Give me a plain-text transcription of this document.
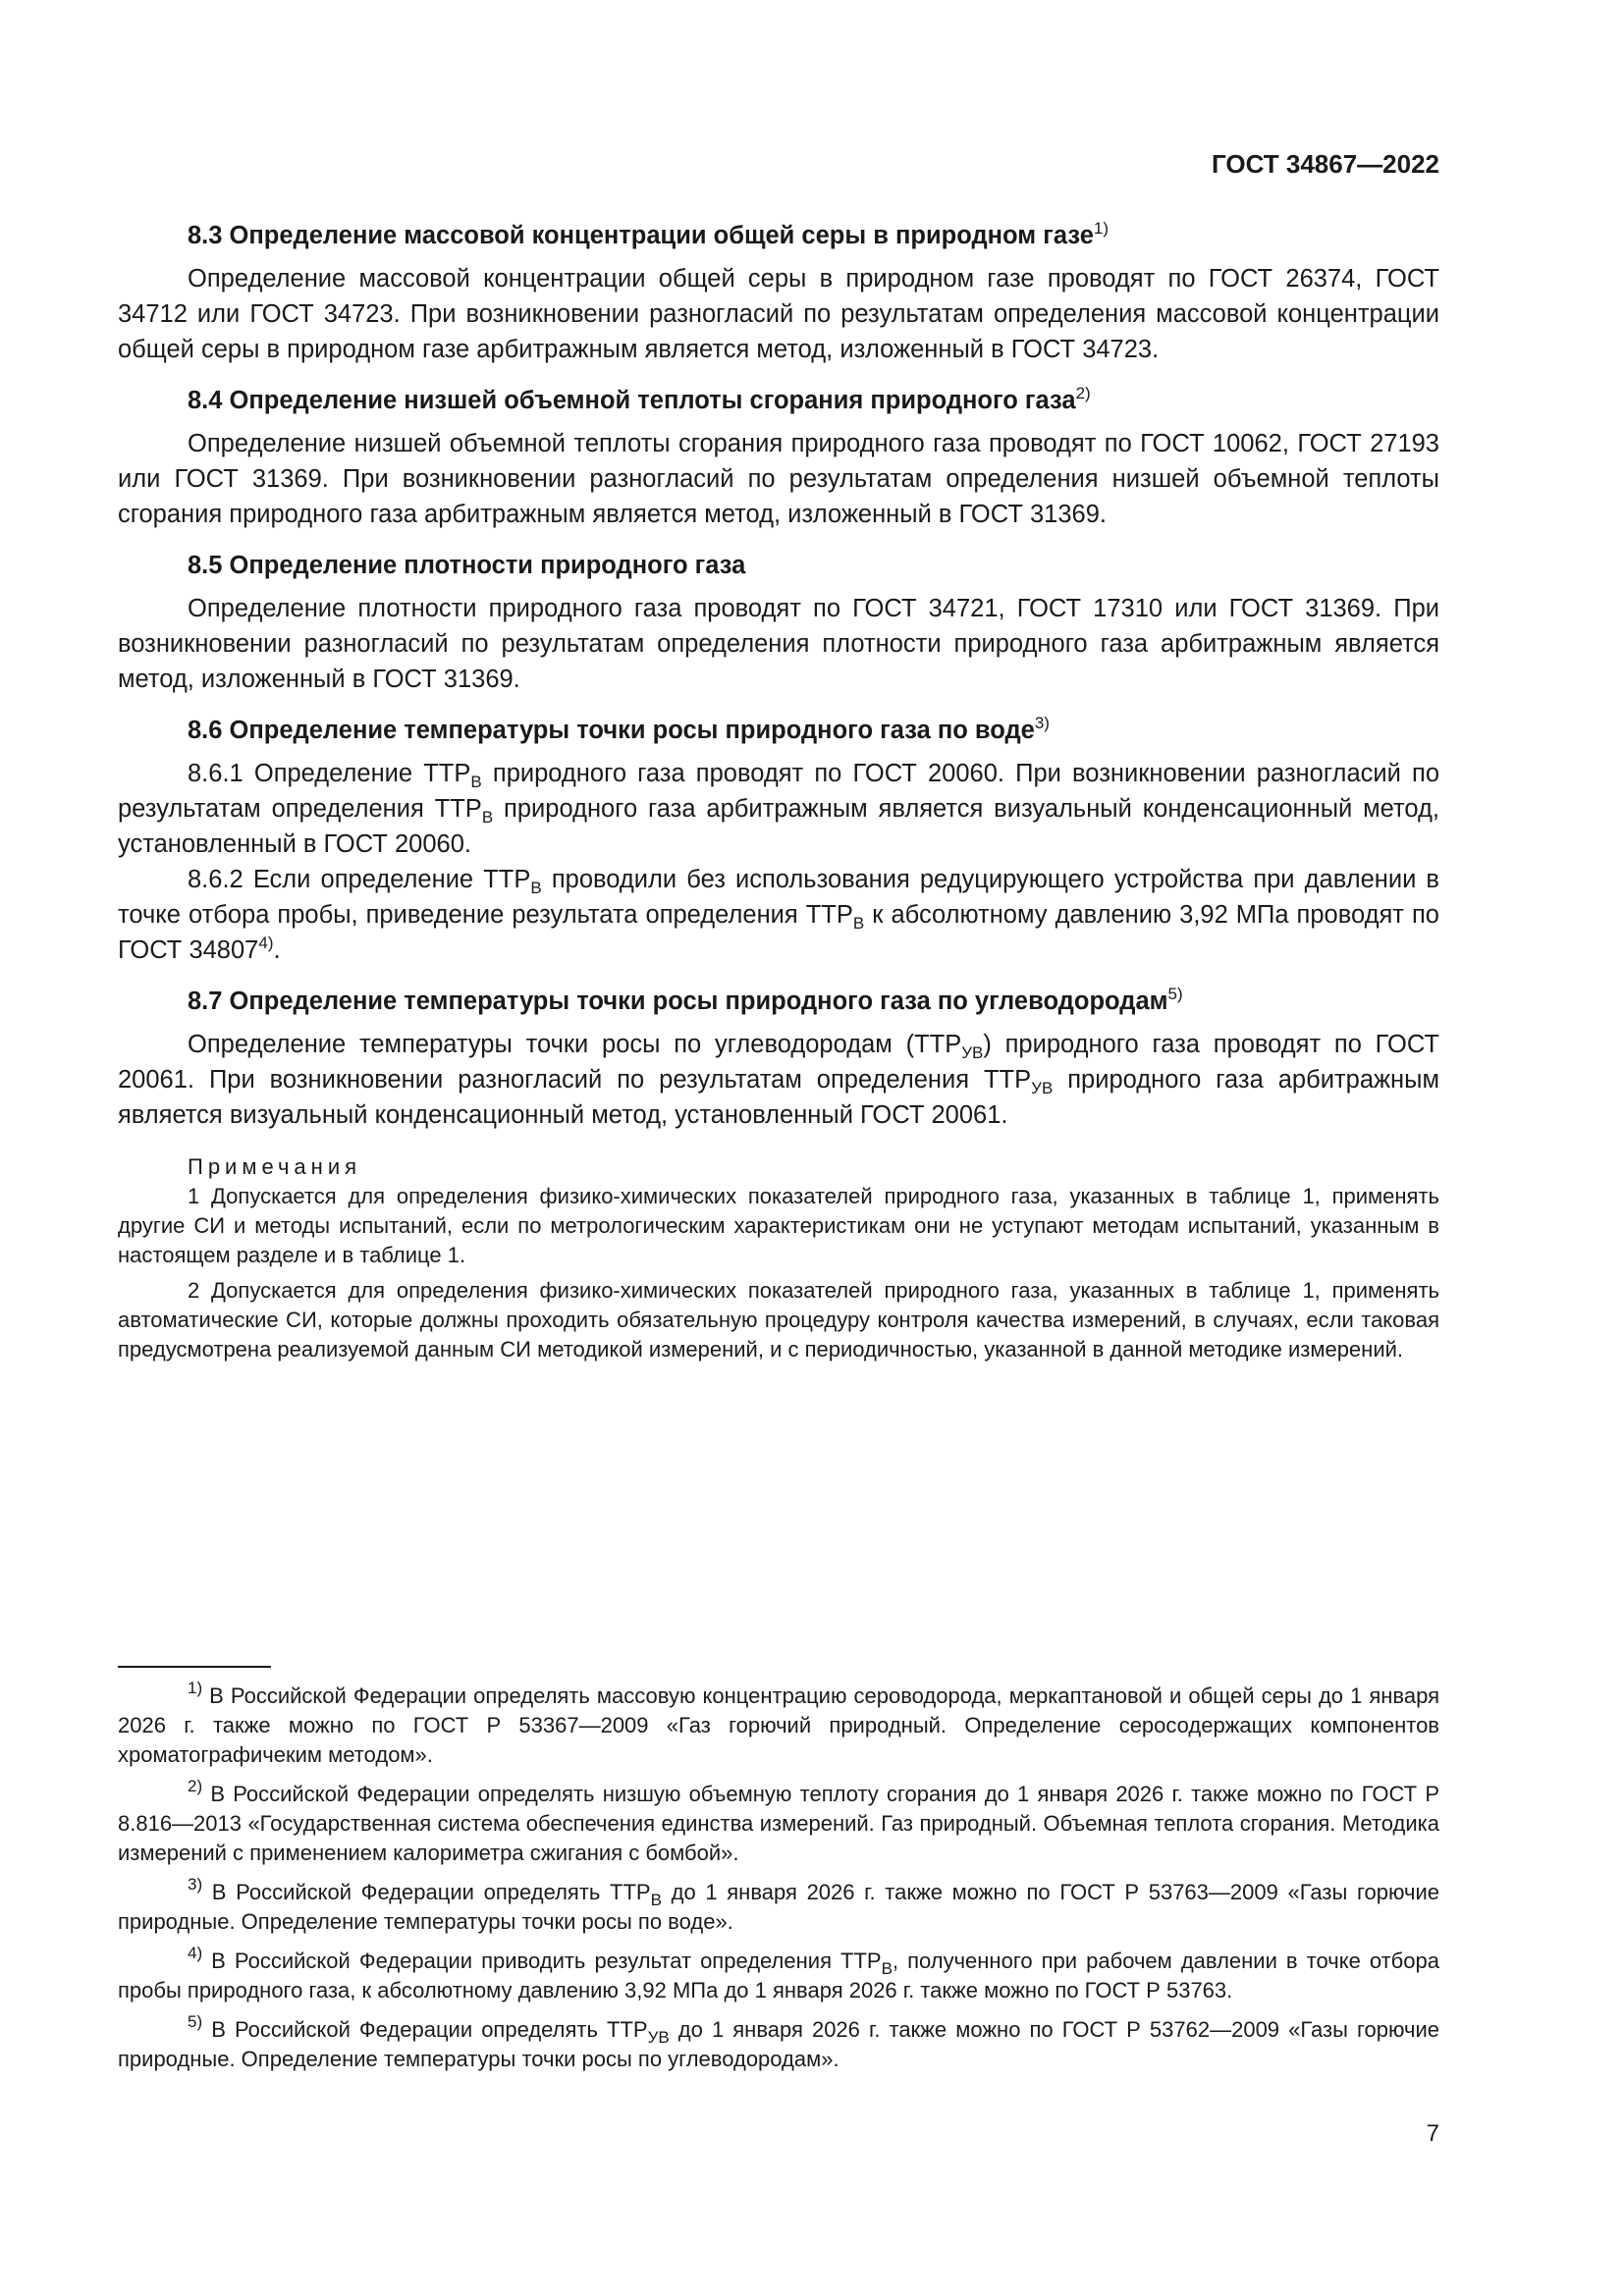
ГОСТ 34867—2022

8.3 Определение массовой концентрации общей серы в природном газе$^{1)}$

Определение массовой концентрации общей серы в природном газе проводят по ГОСТ 26374, ГОСТ 34712 или ГОСТ 34723. При возникновении разногласий по результатам определения массовой концентрации общей серы в природном газе арбитражным является метод, изложенный в ГОСТ 34723.

8.4 Определение низшей объемной теплоты сгорания природного газа$^{2)}$

Определение низшей объемной теплоты сгорания природного газа проводят по ГОСТ 10062, ГОСТ 27193 или ГОСТ 31369. При возникновении разногласий по результатам определения низшей объемной теплоты сгорания природного газа арбитражным является метод, изложенный в ГОСТ 31369.

8.5 Определение плотности природного газа

Определение плотности природного газа проводят по ГОСТ 34721, ГОСТ 17310 или ГОСТ 31369. При возникновении разногласий по результатам определения плотности природного газа арбитражным является метод, изложенный в ГОСТ 31369.

8.6 Определение температуры точки росы природного газа по воде$^{3)}$

8.6.1 Определение $ТТР_В$ природного газа проводят по ГОСТ 20060. При возникновении разногласий по результатам определения $ТТР_В$ природного газа арбитражным является визуальный конденсационный метод, установленный в ГОСТ 20060.

8.6.2 Если определение $ТТР_В$ проводили без использования редуцирующего устройства при давлении в точке отбора пробы, приведение результата определения $ТТР_В$ к абсолютному давлению 3,92 МПа проводят по ГОСТ 34807$^{4)}$.

8.7 Определение температуры точки росы природного газа по углеводородам$^{5)}$

Определение температуры точки росы по углеводородам $(ТТР_{УВ})$ природного газа проводят по ГОСТ 20061. При возникновении разногласий по результатам определения $ТТР_{УВ}$ природного газа арбитражным является визуальный конденсационный метод, установленный ГОСТ 20061.

Примечания

1 Допускается для определения физико-химических показателей природного газа, указанных в таблице 1, применять другие СИ и методы испытаний, если по метрологическим характеристикам они не уступают методам испытаний, указанным в настоящем разделе и в таблице 1.

2 Допускается для определения физико-химических показателей природного газа, указанных в таблице 1, применять автоматические СИ, которые должны проходить обязательную процедуру контроля качества измерений, в случаях, если таковая предусмотрена реализуемой данным СИ методикой измерений, и с периодичностью, указанной в данной методике измерений.

$^{1)}$ В Российской Федерации определять массовую концентрацию сероводорода, меркаптановой и общей серы до 1 января 2026 г. также можно по ГОСТ Р 53367—2009 «Газ горючий природный. Определение серосодержащих компонентов хроматографичеким методом».

$^{2)}$ В Российской Федерации определять низшую объемную теплоту сгорания до 1 января 2026 г. также можно по ГОСТ Р 8.816—2013 «Государственная система обеспечения единства измерений. Газ природный. Объемная теплота сгорания. Методика измерений с применением калориметра сжигания с бомбой».

$^{3)}$ В Российской Федерации определять $ТТР_В$ до 1 января 2026 г. также можно по ГОСТ Р 53763—2009 «Газы горючие природные. Определение температуры точки росы по воде».

$^{4)}$ В Российской Федерации приводить результат определения $ТТР_В$, полученного при рабочем давлении в точке отбора пробы природного газа, к абсолютному давлению 3,92 МПа до 1 января 2026 г. также можно по ГОСТ Р 53763.

$^{5)}$ В Российской Федерации определять $ТТР_{УВ}$ до 1 января 2026 г. также можно по ГОСТ Р 53762—2009 «Газы горючие природные. Определение температуры точки росы по углеводородам».

7
